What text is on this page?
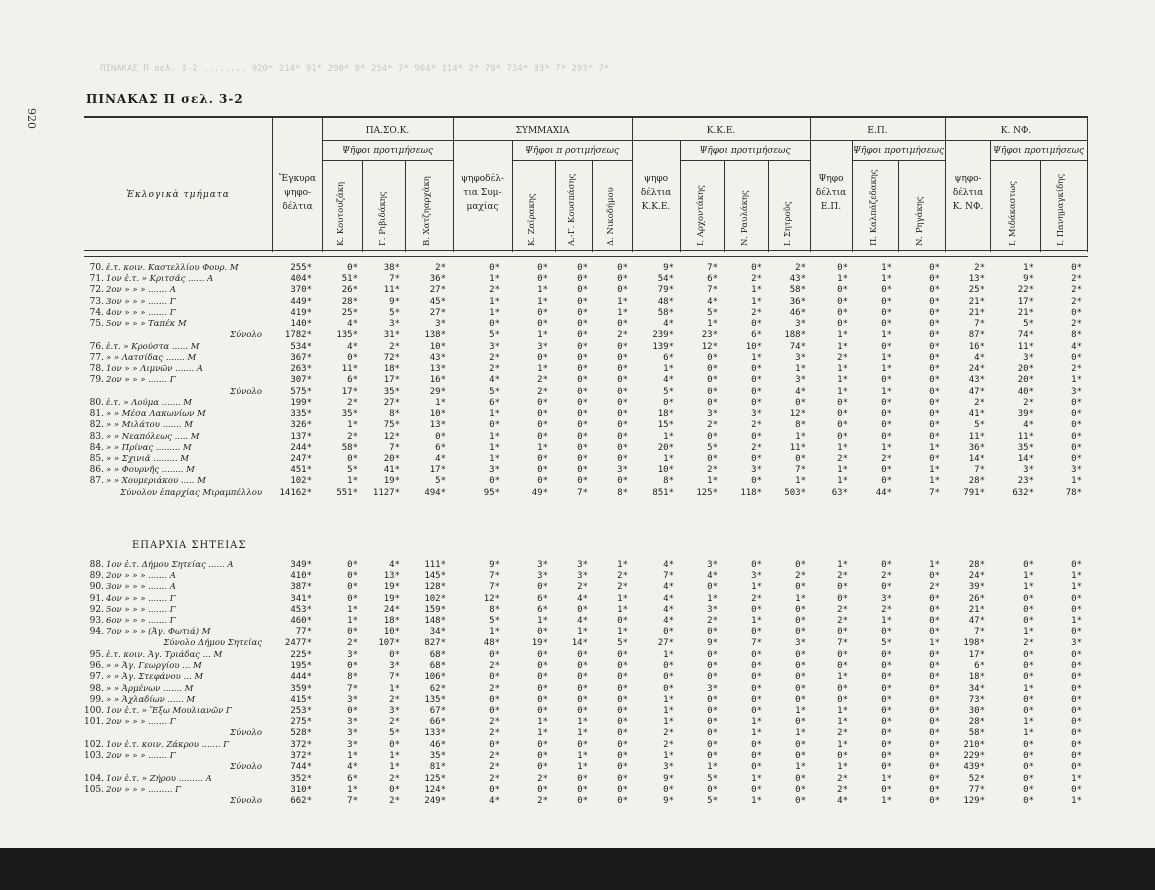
ΠΙΝΑΚΑΣ Π σελ. 3-2 ........ 920* 214* 91* 290* 8* 254* 7* 904* 114* 2* 79* 734* 33* 7* 293* 7*
920
ΠΙΝΑΚΑΣ Π σελ. 3-2
Ἐκλογικὰ τμήματα
Ἔγκυρα ψηφο-δέλτια
ΠΑ.ΣΟ.Κ.
Ψῆφοι προτιμήσεως
ΣΥΜΜΑΧΙΑ
ψηφοδέλ-τια Συμ-μαχίας
Ψῆφοι π ροτιμήσεως
Κ.Κ.Ε.
ψηφο δέλτια Κ.Κ.Ε.
Ψῆφοι προτιμήσεως
Ε.Π.
Ψηφο δέλτια Ε.Π.
Ψῆφοι προτιμήσεως
Κ. ΝΦ.
ψηφο-δέλτια Κ. ΝΦ.
Ψῆφοι προτιμήσεως
Κ. Κουτουζάκη	Γ. Ριβιδάκης	Β. Χατζηαρχάκη	Κ. Ζαϊρακης	Α.-Γ. Κουσπάσης	Δ. Νικοδήμου	Ι. Αρχοντάκης	Ν. Ραυλάκης	Ι. Σητροῦς	Π. Καλπάζεδακης	Ν. Ρηγάκης	Ι. Μιδάκαστως	Ι. Πανημαγκίδης
ΕΠΑΡΧΙΑ ΣΗΤΕΙΑΣ
70. ἐ.τ. κοιν. Καστελλίου Φουρ. Μ	255*	0*	38*	2*	0*	0*	0*	0*	9*	7*	0*	2*	0*	1*	0*	2*	1*	0*
71. 1ον ἐ.τ. » Κριτσᾶς ...... Α	404*	51*	7*	36*	1*	0*	0*	0*	54*	6*	2*	43*	1*	1*	0*	13*	9*	2*
72. 2ον » » » ....... Α	370*	26*	11*	27*	2*	1*	0*	0*	79*	7*	1*	58*	0*	0*	0*	25*	22*	2*
73. 3ον » » » ....... Γ	449*	28*	9*	45*	1*	1*	0*	1*	48*	4*	1*	36*	0*	0*	0*	21*	17*	2*
74. 4ον » » » ....... Γ	419*	25*	5*	27*	1*	0*	0*	1*	58*	5*	2*	46*	0*	0*	0*	21*	21*	0*
75. 5ον » » » Ταπέκ Μ	140*	4*	3*	3*	0*	0*	0*	0*	4*	1*	0*	3*	0*	0*	0*	7*	5*	2*
Σύνολο	1782*	135*	31*	138*	5*	1*	0*	2*	239*	23*	6*	188*	1*	1*	0*	87*	74*	8*
76. ἐ.τ. » Κρούστα ...... Μ	534*	4*	2*	10*	3*	3*	0*	0*	139*	12*	10*	74*	1*	0*	0*	16*	11*	4*
77. » » Λατσίδας ....... Μ	367*	0*	72*	43*	2*	0*	0*	0*	6*	0*	1*	3*	2*	1*	0*	4*	3*	0*
78. 1ον » » Λιμνῶν ....... Α	263*	11*	18*	13*	2*	1*	0*	0*	1*	0*	0*	1*	1*	1*	0*	24*	20*	2*
79. 2ον » » » ....... Γ	307*	6*	17*	16*	4*	2*	0*	0*	4*	0*	0*	3*	1*	0*	0*	43*	20*	1*
Σύνολο	575*	17*	35*	29*	5*	2*	0*	0*	5*	0*	0*	4*	1*	1*	0*	47*	40*	3*
80. ἐ.τ. » Λούμα ....... Μ	199*	2*	27*	1*	6*	0*	0*	0*	0*	0*	0*	0*	0*	0*	0*	2*	2*	0*
81. » » Μέσα Λακωνίων Μ	335*	35*	8*	10*	1*	0*	0*	0*	18*	3*	3*	12*	0*	0*	0*	41*	39*	0*
82. » » Μιλάτου ....... Μ	326*	1*	75*	13*	0*	0*	0*	0*	15*	2*	2*	8*	0*	0*	0*	5*	4*	0*
83. » » Νεαπόλεως ..... Μ	137*	2*	12*	0*	1*	0*	0*	0*	1*	0*	0*	1*	0*	0*	0*	11*	11*	0*
84. » » Πρίνας ......... Μ	244*	58*	7*	6*	1*	1*	0*	0*	20*	5*	2*	11*	1*	1*	1*	36*	35*	0*
85. » » Σχινιᾶ ......... Μ	247*	0*	20*	4*	1*	0*	0*	0*	1*	0*	0*	0*	2*	2*	0*	14*	14*	0*
86. » » Φουρνῆς ........ Μ	451*	5*	41*	17*	3*	0*	0*	3*	10*	2*	3*	7*	1*	0*	1*	7*	3*	3*
87. » » Χουμεριάκου ..... Μ	102*	1*	19*	5*	0*	0*	0*	0*	8*	1*	0*	1*	1*	0*	1*	28*	23*	1*
Σύνολον ἐπαρχίας Μιραμπέλλου	14162*	551*	1127*	494*	95*	49*	7*	8*	851*	125*	118*	503*	63*	44*	7*	791*	632*	78*
88. 1ον ἐ.τ. Δήμου Σητείας ...... Α	349*	0*	4*	111*	9*	3*	3*	1*	4*	3*	0*	0*	1*	0*	1*	28*	0*	0*
89. 2ον » » » ....... Α	410*	0*	13*	145*	7*	3*	3*	2*	7*	4*	3*	2*	2*	2*	0*	24*	1*	1*
90. 3ον » » » ....... Α	387*	0*	19*	128*	7*	0*	2*	2*	4*	0*	1*	0*	0*	0*	2*	39*	1*	1*
91. 4ον » » » ....... Γ	341*	0*	19*	102*	12*	6*	4*	1*	4*	1*	2*	1*	0*	3*	0*	26*	0*	0*
92. 5ον » » » ....... Γ	453*	1*	24*	159*	8*	6*	0*	1*	4*	3*	0*	0*	2*	2*	0*	21*	0*	0*
93. 6ον » » » ....... Γ	460*	1*	18*	148*	5*	1*	4*	0*	4*	2*	1*	0*	2*	1*	0*	47*	0*	1*
94. 7ον » » » (Ἀγ. Φωτιά) Μ	77*	0*	10*	34*	1*	0*	1*	1*	0*	0*	0*	0*	0*	0*	0*	7*	1*	0*
Σύνολο Δήμου Σητείας	2477*	2*	107*	827*	48*	19*	14*	5*	27*	9*	7*	3*	7*	5*	1*	198*	2*	3*
95. ἐ.τ. κοιν. Ἀγ. Τριάδας ... Μ	225*	3*	0*	68*	0*	0*	0*	0*	1*	0*	0*	0*	0*	0*	0*	17*	0*	0*
96. » » Ἀγ. Γεωργίου ... Μ	195*	0*	3*	68*	2*	0*	0*	0*	0*	0*	0*	0*	0*	0*	0*	6*	0*	0*
97. » » Ἀγ. Στεφάνου ... Μ	444*	8*	7*	106*	0*	0*	0*	0*	0*	0*	0*	0*	1*	0*	0*	18*	0*	0*
98. » » Ἀρμένων ....... Μ	359*	7*	1*	62*	2*	0*	0*	0*	0*	3*	0*	0*	0*	0*	0*	34*	1*	0*
99. » » Ἀχλαδίων ...... Μ	415*	3*	2*	135*	0*	0*	0*	0*	1*	0*	0*	0*	0*	0*	0*	73*	0*	0*
100. 1ον ἐ.τ. » Ἔξω Μουλιανῶν Γ	253*	0*	3*	67*	0*	0*	0*	0*	1*	0*	0*	1*	1*	0*	0*	30*	0*	0*
101. 2ον » » » ....... Γ	275*	3*	2*	66*	2*	1*	1*	0*	1*	0*	1*	0*	1*	0*	0*	28*	1*	0*
Σύνολο	528*	3*	5*	133*	2*	1*	1*	0*	2*	0*	1*	1*	2*	0*	0*	58*	1*	0*
102. 1ον ἐ.τ. κοιν. Ζάκρου ....... Γ	372*	3*	0*	46*	0*	0*	0*	0*	2*	0*	0*	0*	1*	0*	0*	210*	0*	0*
103. 2ον » » » ....... Γ	372*	1*	1*	35*	2*	0*	1*	0*	1*	0*	0*	0*	0*	0*	0*	229*	0*	0*
Σύνολο	744*	4*	1*	81*	2*	0*	1*	0*	3*	1*	0*	1*	1*	0*	0*	439*	0*	0*
104. 1ον ἐ.τ. » Ζήρου ......... Α	352*	6*	2*	125*	2*	2*	0*	0*	9*	5*	1*	0*	2*	1*	0*	52*	0*	1*
105. 2ον » » » ......... Γ	310*	1*	0*	124*	0*	0*	0*	0*	0*	0*	0*	0*	2*	0*	0*	77*	0*	0*
Σύνολο	662*	7*	2*	249*	4*	2*	0*	0*	9*	5*	1*	0*	4*	1*	0*	129*	0*	1*
